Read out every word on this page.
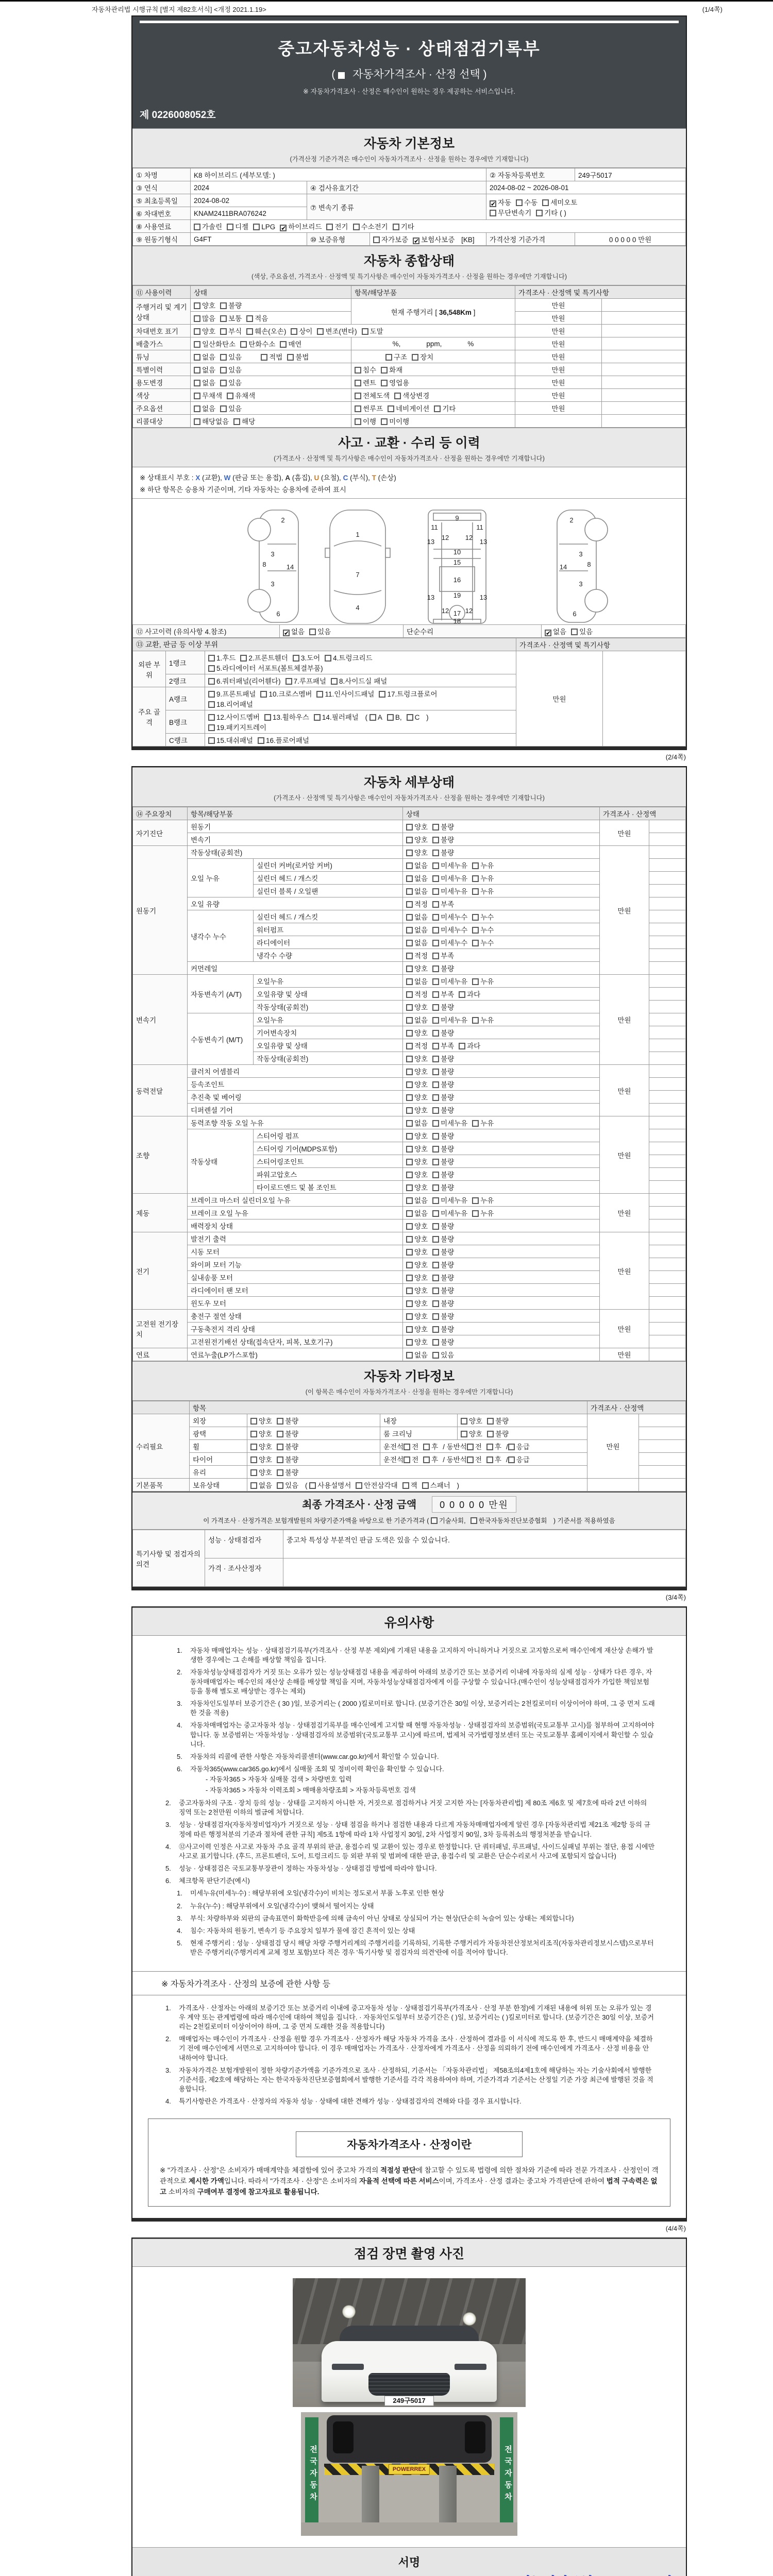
자동차관리법 시행규칙 [별지 제82호서식] <개정 2021.1.19>	(1/4쪽)
중고자동차성능 · 상태점검기록부
(  자동차가격조사 · 산정 선택 )
※ 자동차가격조사 · 산정은 매수인이 원하는 경우 제공하는 서비스입니다.
제 0226008052호
자동차 기본정보
(가격산정 기준가격은 매수인이 자동차가격조사 · 산정을 원하는 경우에만 기재합니다)
① 차명	K8 하이브리드 (세부모델: )			② 자동차등록번호	249구5017
③ 연식	2024	④ 검사유효기간		2024-08-02 ~ 2026-08-01	
⑤ 최초등록일	2024-08-02	⑦ 변속기 종류		✔ 자동 수동 세미오토
무단변속기 기타 ( )	
⑥ 차대번호	KNAM2411BRA076242				
⑧ 사용연료	가솔린 디젤 LPG ✔ 하이브리드 전기 수소전기 기타				
⑨ 원동기형식	G4FT	⑩ 보증유형	자가보증 ✔ 보험사보증 [KB]	가격산정 기준가격	0 0 0 0 0 만원
자동차 종합상태
(색상, 주요옵션, 가격조사 · 산정액 및 특기사항은 매수인이 자동차가격조사 · 산정을 원하는 경우에만 기재합니다)
⑪ 사용이력	상태	항목/해당부품	가격조사 · 산정액 및 특기사항	
주행거리 및 계기상태	양호 불량	현재 주행거리 [ 36,548Km ]	만원	
	많음 보통 적음		만원	
차대번호 표기	양호 부식 훼손(오손) 상이 변조(변타) 도말		만원	
배출가스	일산화탄소 탄화수소 매연	%, ppm, %	만원	
튜닝	없음 있음 적법 불법	구조 장치	만원	
특별이력	없음 있음	침수 화재	만원	
용도변경	없음 있음	렌트 영업용	만원	
색상	무채색 유채색	전체도색 색상변경	만원	
주요옵션	없음 있음	썬루프 네비게이션 기타	만원	
리콜대상	해당없음 해당	이행 미이행		
사고 · 교환 · 수리 등 이력
(가격조사 · 산정액 및 특기사항은 매수인이 자동차가격조사 · 산정을 원하는 경우에만 기재합니다)
※ 상태표시 부호 : X (교환), W (판금 또는 용접), A (흠집), U (요철), C (부식), T (손상)
※ 하단 항목은 승용차 기준이며, 기타 자동차는 승용차에 준하여 표시
2
3
3
8	14
6
1
7
4
9
11	11
13	13
12 12
10
15
16
13	13
19
12 12
17
18
2
3
3
8
14
6
⑫ 사고이력 (유의사항 4.참조)	✔ 없음 있음	단순수리	✔ 없음 있음
⑬ 교환, 판금 등 이상 부위			가격조사 · 산정액 및 특기사항	
외판 부위	1랭크	1.후드 2.프론트휀더 3.도어 4.트렁크리드
5.라디에이터 서포트(볼트체결부품)	만원	
	2랭크	6.쿼터패널(리어휀다) 7.루프패널 8.사이드실 패널		
주요 골격	A랭크	9.프론트패널 10.크로스멤버 11.인사이드패널 17.트렁크플로어
18.리어패널		
	B랭크	12.사이드멤버 13.휠하우스 14.필러패널 ( A B, C )
19.패키지트레이		
	C랭크	15.대쉬패널 16.플로어패널		
(2/4쪽)
자동차 세부상태
(가격조사 · 산정액 및 특기사항은 매수인이 자동차가격조사 · 산정을 원하는 경우에만 기재합니다)
⑭ 주요장치	항목/해당부품		상태	가격조사 · 산정액	
자기진단	원동기		양호 불량	만원	
	변속기		양호 불량		
원동기	작동상태(공회전)		양호 불량	만원	
	오일 누유	실린더 커버(로커암 커버)	없음 미세누유 누유		
		실린더 헤드 / 개스킷	없음 미세누유 누유		
		실린더 블록 / 오일팬	없음 미세누유 누유		
	오일 유량		적정 부족		
	냉각수 누수	실린더 헤드 / 개스킷	없음 미세누수 누수		
		워터펌프	없음 미세누수 누수		
		라디에이터	없음 미세누수 누수		
		냉각수 수량	적정 부족		
	커먼레일		양호 불량		
변속기	자동변속기 (A/T)	오일누유	없음 미세누유 누유	만원	
		오일유량 및 상태	적정 부족 과다		
		작동상태(공회전)	양호 불량		
	수동변속기 (M/T)	오일누유	없음 미세누유 누유		
		기어변속장치	양호 불량		
		오일유량 및 상태	적정 부족 과다		
		작동상태(공회전)	양호 불량		
동력전달	클러치 어셈블리		양호 불량	만원	
	등속조인트		양호 불량		
	추진축 및 베어링		양호 불량		
	디퍼렌셜 기어		양호 불량		
조향	동력조향 작동 오일 누유		없음 미세누유 누유	만원	
	작동상태	스티어링 펌프	양호 불량		
		스티어링 기어(MDPS포함)	양호 불량		
		스티어링조인트	양호 불량		
		파워고압호스	양호 불량		
		타이로드엔드 및 볼 조인트	양호 불량		
제동	브레이크 마스터 실린더오일 누유		없음 미세누유 누유	만원	
	브레이크 오일 누유		없음 미세누유 누유		
	배력장치 상태		양호 불량		
전기	발전기 출력		양호 불량	만원	
	시동 모터		양호 불량		
	와이퍼 모터 기능		양호 불량		
	실내송풍 모터		양호 불량		
	라디에이터 팬 모터		양호 불량		
	윈도우 모터		양호 불량		
고전원 전기장치	충전구 절연 상태		양호 불량	만원	
	구동축전지 격리 상태		양호 불량		
	고전원전기배선 상태(접속단자, 피복, 보호기구)		양호 불량		
연료	연료누출(LP가스포함)		없음 있음	만원	
자동차 기타정보
(이 항목은 매수인이 자동차가격조사 · 산정을 원하는 경우에만 기재합니다)
	항목				가격조사 · 산정액	
수리필요	외장	양호 불량	내장	양호 불량	만원	
	광택	양호 불량	룸 크리닝	양호 불량		
	휠	양호 불량	운전석 전 후 / 동반석 전 후 / 응급			
	타이어	양호 불량	운전석 전 후 / 동반석 전 후 / 응급			
	유리	양호 불량				
기본품목	보유상태	없음 있음 ( 사용설명서 안전삼각대 잭 스패너 )				
최종 가격조사 · 산정 금액 0 0 0 0 0 만원
이 가격조사 · 산정가격은 보험개발원의 차량기준가액을 바탕으로 한 기준가격과 ( 기술사회, 한국자동차진단보증협회 ) 기준서를 적용하였음
특기사항 및 점검자의 의견	성능 · 상태점검자	중고차 특성상 부분적인 판금 도색은 있을 수 있습니다.
	가격 · 조사산정자	
(3/4쪽)
유의사항
1.	자동차 매매업자는 성능 · 상태점검기록부(가격조사 · 산정 부분 제외)에 기재된 내용을 고지하지 아니하거나 거짓으로 고지함으로써 매수인에게 재산상 손해가 발생한 경우에는 그 손해를 배상할 책임을 집니다.
2.	자동차성능상태점검자가 거짓 또는 오류가 있는 성능상태점검 내용을 제공하여 아래의 보증기간 또는 보증거리 이내에 자동차의 실제 성능 · 상태가 다른 경우, 자동차매매업자는 매수인의 재산상 손해를 배상할 책임을 지며, 자동차성능상태점검자에게 이를 구상할 수 있습니다.(매수인이 성능상태점검자가 가입한 책임보험 등을 통해 별도로 배상받는 경우는 제외)
3.	자동차인도일부터 보증기간은 ( 30 )일, 보증거리는 ( 2000 )킬로미터로 합니다. (보증기간은 30일 이상, 보증거리는 2천킬로미터 이상이어야 하며, 그 중 먼저 도래한 것을 적용)
4.	자동차매매업자는 중고자동차 성능 · 상태점검기록부를 매수인에게 고지할 때 현행 자동차성능 · 상태점검자의 보증범위(국토교통부 고시)를 첨부하여 고지하여야 합니다. 동 보증범위는 '자동차성능 · 상태점검자의 보증범위'(국토교통부 고시)에 따르며, 법제처 국가법령정보센터 또는 국토교통부 홈페이지에서 확인할 수 있습니다.
5.	자동차의 리콜에 관한 사항은 자동차리콜센터(www.car.go.kr)에서 확인할 수 있습니다.
6.	자동차365(www.car365.go.kr)에서 실매물 조회 및 정비이력 확인을 확인할 수 있습니다.
- 자동차365 > 자동차 실매물 검색 > 차량번호 입력
- 자동차365 > 자동차 이력조회 > 매매용차량조회 > 자동차등록번호 검색
2.	중고자동차의 구조 · 장치 등의 성능 · 상태를 고지하지 아니한 자, 거짓으로 점검하거나 거짓 고지한 자는 [자동차관리법] 제 80조 제6호 및 제7호에 따라 2년 이하의 징역 또는 2천만원 이하의 벌금에 처합니다.
3.	성능 · 상태점검자(자동차정비업자)가 거짓으로 성능 · 상태 점검을 하거나 점검한 내용과 다르게 자동차매매업자에게 알린 경우 [자동차관리법 제21조 제2항 등의 규정에 따른 행정처분의 기준과 절차에 관한 규칙] 제5조 1항에 따라 1차 사업정지 30일, 2차 사업정지 90일, 3차 등록취소의 행정처분을 받습니다.
4.	⑫사고이력 인정은 사고로 자동차 주요 골격 부위의 판금, 용접수리 및 교환이 있는 경우로 한정합니다. 단 쿼터패널, 루프패널, 사이드실패널 부위는 절단, 용접 시에만 사고로 표기합니다. (후드, 프론트펜더, 도어, 트렁크리드 등 외판 부위 및 범퍼에 대한 판금, 용접수리 및 교환은 단순수리로서 사고에 포함되지 않습니다)
5.	성능 · 상태점검은 국토교통부장관이 정하는 자동차성능 · 상태점검 방법에 따라야 합니다.
6.	체크항목 판단기준(예시)
1.	미세누유(미세누수) : 해당부위에 오일(냉각수)이 비치는 정도로서 부품 노후로 인한 현상
2.	누유(누수) : 해당부위에서 오일(냉각수)이 맺혀서 떨어지는 상태
3.	부식: 차량하부와 외판의 금속표면이 화학반응에 의해 금속이 아닌 상태로 상실되어 가는 현상(단순히 녹슬어 있는 상태는 제외합니다)
4.	침수: 자동차의 원동기, 변속기 등 주요장치 일부가 물에 잠긴 흔적이 있는 상태
5.	현재 주행거리 : 성능 · 상태점검 당시 해당 차량 주행거리계의 주행거리를 기록하되, 기록한 주행거리가 자동차전산정보처리조직(자동차관리정보시스템)으로부터 받은 주행거리(주행거리계 교체 정보 포함)보다 적은 경우 '특기사항 및 점검자의 의견'란에 이를 적어야 합니다.
※ 자동차가격조사 · 산정의 보증에 관한 사항 등
1.	가격조사 · 산정자는 아래의 보증기간 또는 보증거리 이내에 중고자동차 성능 · 상태점검기록부(가격조사 · 산정 부분 한정)에 기재된 내용에 허위 또는 오류가 있는 경우 계약 또는 관계법령에 따라 매수인에 대하여 책임을 집니다. · 자동차인도일부터 보증기간은 ( )일, 보증거리는 ( )킬로미터로 합니다. (보증기간은 30일 이상, 보증거리는 2천킬로미터 이상이어야 하며, 그 중 먼저 도래한 것을 적용합니다)
2.	매매업자는 매수인이 가격조사 · 산정을 원할 경우 가격조사 · 산정자가 해당 자동차 가격을 조사 · 산정하여 결과를 이 서식에 적도록 한 후, 반드시 매매계약을 체결하기 전에 매수인에게 서면으로 고지하여야 합니다. 이 경우 매매업자는 가격조사 · 산정자에게 가격조사 · 산정을 의뢰하기 전에 매수인에게 가격조사 · 산정 비용을 안내하여야 합니다.
3.	자동차가격은 보험개발원이 정한 차량기준가액을 기준가격으로 조사 · 산정하되, 기준서는 「자동차관리법」 제58조의4제1호에 해당하는 자는 기술사회에서 발행한 기준서를, 제2호에 해당하는 자는 한국자동차진단보증협회에서 발행한 기준서를 각각 적용하여야 하며, 기준가격과 기준서는 산정일 기준 가장 최근에 발행된 것을 적용합니다.
4.	특기사항란은 가격조사 · 산정자의 자동차 성능 · 상태에 대한 견해가 성능 · 상태점검자의 견해와 다를 경우 표시합니다.
자동차가격조사 · 산정이란
※ "가격조사 · 산정"은 소비자가 매매계약을 체결함에 있어 중고차 가격의 적절성 판단에 참고할 수 있도록 법령에 의한 절차와 기준에 따라 전문 가격조사 · 산정인이 객관적으로 제시한 가액입니다. 따라서 "가격조사 · 산정"은 소비자의 자율적 선택에 따른 서비스이며, 가격조사 · 산정 결과는 중고차 가격판단에 관하여 법적 구속력은 없고 소비자의 구매여부 결정에 참고자료로 활용됩니다.
(4/4쪽)
점검 장면 촬영 사진
249구5017
전국자동차	전국자동차
POWERREX
서명
